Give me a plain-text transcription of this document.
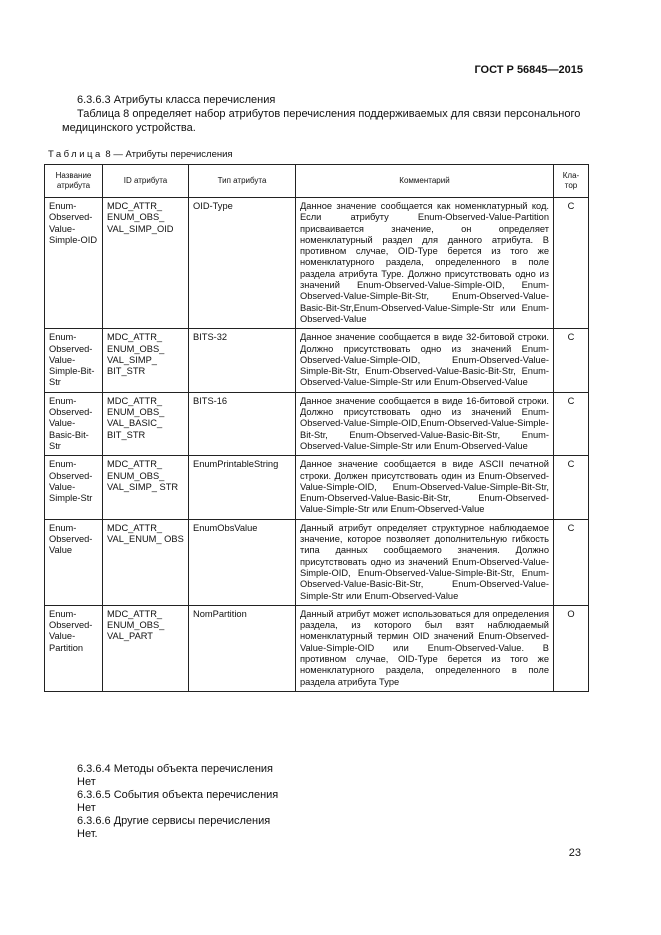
ГОСТ Р 56845—2015
6.3.6.3 Атрибуты класса перечисления
Таблица 8 определяет набор атрибутов перечисления поддерживаемых для связи персонального медицинского устройства.
Таблица 8 — Атрибуты перечисления
Название атрибута	ID атрибута	Тип атрибута	Комментарий	Кла-тор
Enum-Observed-Value-Simple-OID	MDC_ATTR_ ENUM_OBS_ VAL_SIMP_OID	OID-Type	Данное значение сообщается как номенклатурный код. Если атрибуту Enum-Observed-Value-Partition присваивается значение, он определяет номенклатурный раздел для данного атрибута. В противном случае, OID-Type берется из того же номенклатурного раздела, определенного в поле раздела атрибута Type. Должно присутствовать одно из значений Enum-Observed-Value-Simple-OID, Enum-Observed-Value-Simple-Bit-Str, Enum-Observed-Value-Basic-Bit-Str,Enum-Observed-Value-Simple-Str или Enum-Observed-Value	C
Enum-Observed-Value-Simple-Bit-Str	MDC_ATTR_ ENUM_OBS_ VAL_SIMP_ BIT_STR	BITS-32	Данное значение сообщается в виде 32-битовой строки. Должно присутствовать одно из значений Enum-Observed-Value-Simple-OID, Enum-Observed-Value-Simple-Bit-Str, Enum-Observed-Value-Basic-Bit-Str, Enum-Observed-Value-Simple-Str или Enum-Observed-Value	C
Enum-Observed-Value-Basic-Bit-Str	MDC_ATTR_ ENUM_OBS_ VAL_BASIC_ BIT_STR	BITS-16	Данное значение сообщается в виде 16-битовой строки. Должно присутствовать одно из значений Enum-Observed-Value-Simple-OID,Enum-Observed-Value-Simple-Bit-Str, Enum-Observed-Value-Basic-Bit-Str, Enum-Observed-Value-Simple-Str или Enum-Observed-Value	C
Enum-Observed-Value-Simple-Str	MDC_ATTR_ ENUM_OBS_ VAL_SIMP_ STR	EnumPrintableString	Данное значение сообщается в виде ASCII печатной строки. Должен присутствовать один из Enum-Observed-Value-Simple-OID, Enum-Observed-Value-Simple-Bit-Str, Enum-Observed-Value-Basic-Bit-Str, Enum-Observed-Value-Simple-Str или Enum-Observed-Value	C
Enum-Observed-Value	MDC_ATTR_ VAL_ENUM_ OBS	EnumObsValue	Данный атрибут определяет структурное наблюдаемое значение, которое позволяет дополнительную гибкость типа данных сообщаемого значения. Должно присутствовать одно из значений Enum-Observed-Value-Simple-OID, Enum-Observed-Value-Simple-Bit-Str, Enum-Observed-Value-Basic-Bit-Str, Enum-Observed-Value-Simple-Str или Enum-Observed-Value	C
Enum-Observed-Value-Partition	MDC_ATTR_ ENUM_OBS_ VAL_PART	NomPartition	Данный атрибут может использоваться для определения раздела, из которого был взят наблюдаемый номенклатурный термин OID значений Enum-Observed-Value-Simple-OID или Enum-Observed-Value. В противном случае, OID-Type берется из того же номенклатурного раздела, определенного в поле раздела атрибута Type	O
6.3.6.4 Методы объекта перечисления
Нет
6.3.6.5 События объекта перечисления
Нет
6.3.6.6 Другие сервисы перечисления
Нет.
23
